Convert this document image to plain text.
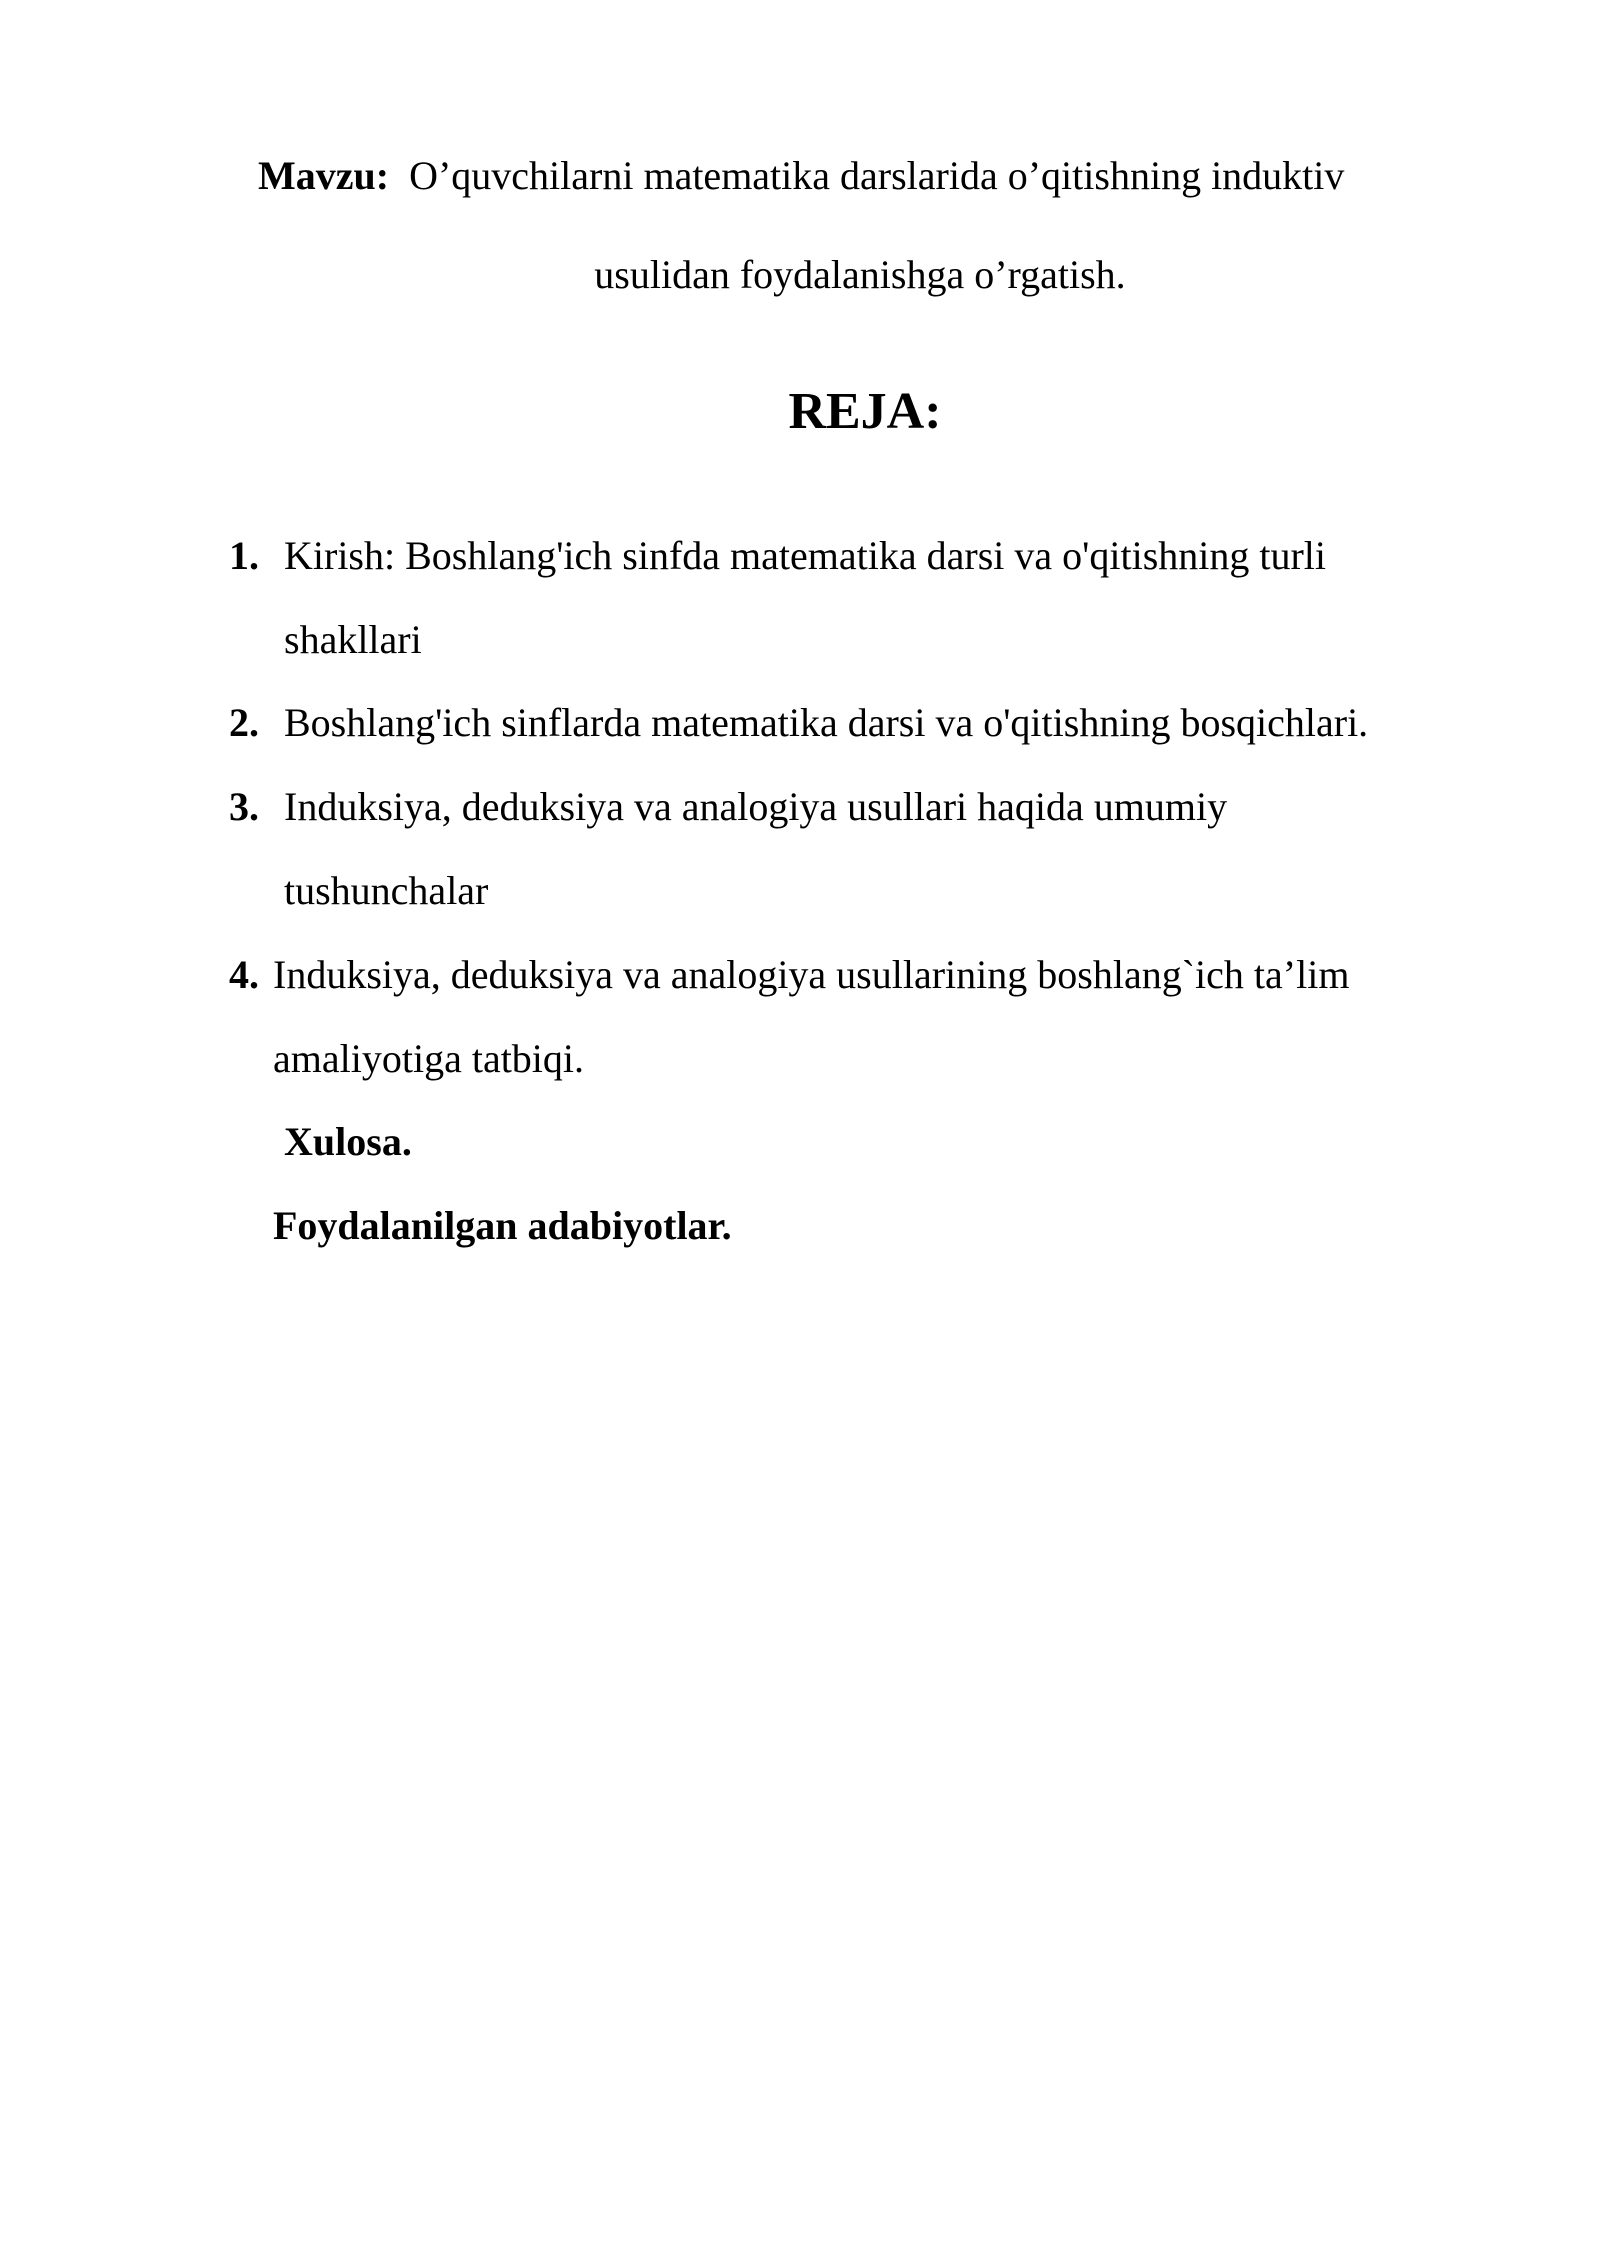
Mavzu: O’quvchilarni matematika darslarida o’qitishning induktiv
usulidan foydalanishga o’rgatish.
REJA:
1. Kirish: Boshlang'ich sinfda matematika darsi va o'qitishning turli
shakllari
2. Boshlang'ich sinflarda matematika darsi va o'qitishning bosqichlari.
3. Induksiya, deduksiya va analogiya usullari haqida umumiy
tushunchalar
4. Induksiya, deduksiya va analogiya usullarining boshlang`ich ta’lim
amaliyotiga tatbiqi.
Xulosa.
Foydalanilgan adabiyotlar.
